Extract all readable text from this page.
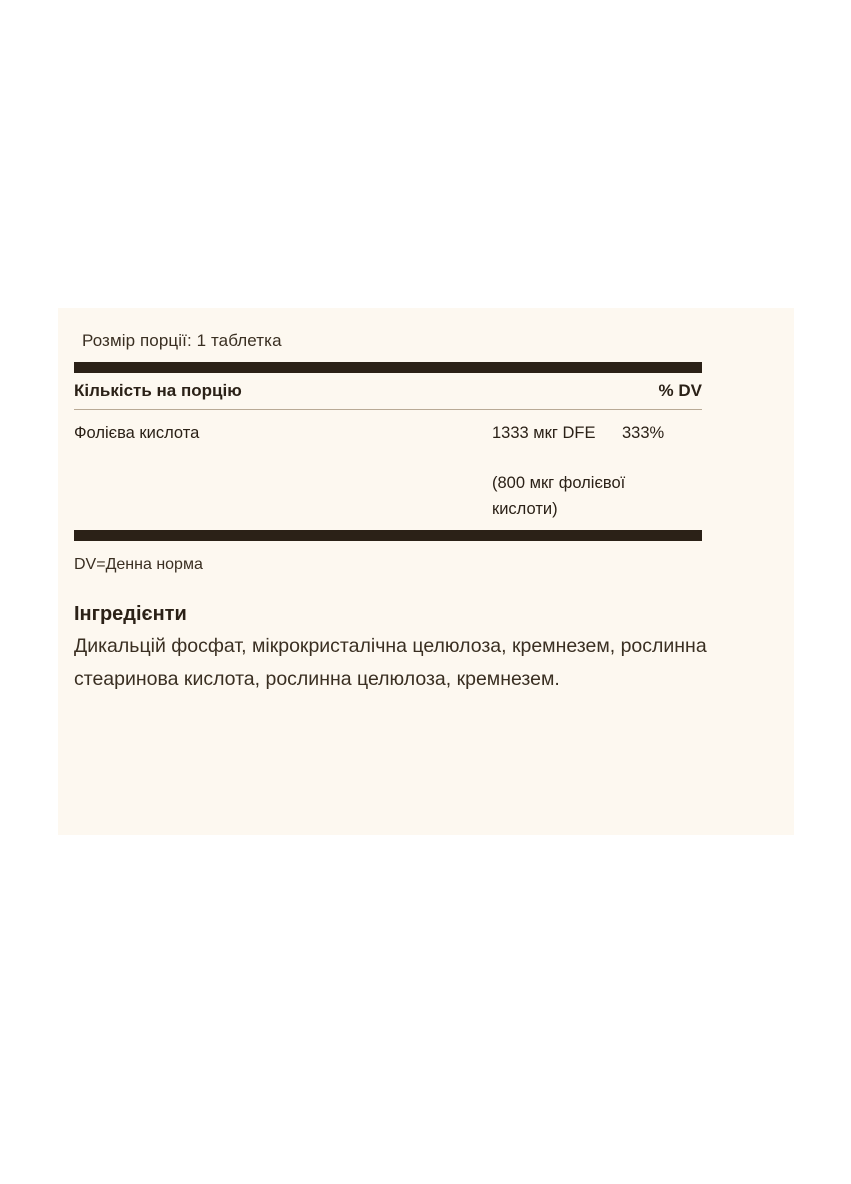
Розмір порції: 1 таблетка
Кількість на порцію	% DV
Фолієва кислота	1333 мкг DFE	333%
(800 мкг фолієвої кислоти)
DV=Денна норма
Інгредієнти
Дикальцій фосфат, мікрокристалічна целюлоза, кремнезем, рослинна стеаринова кислота, рослинна целюлоза, кремнезем.
